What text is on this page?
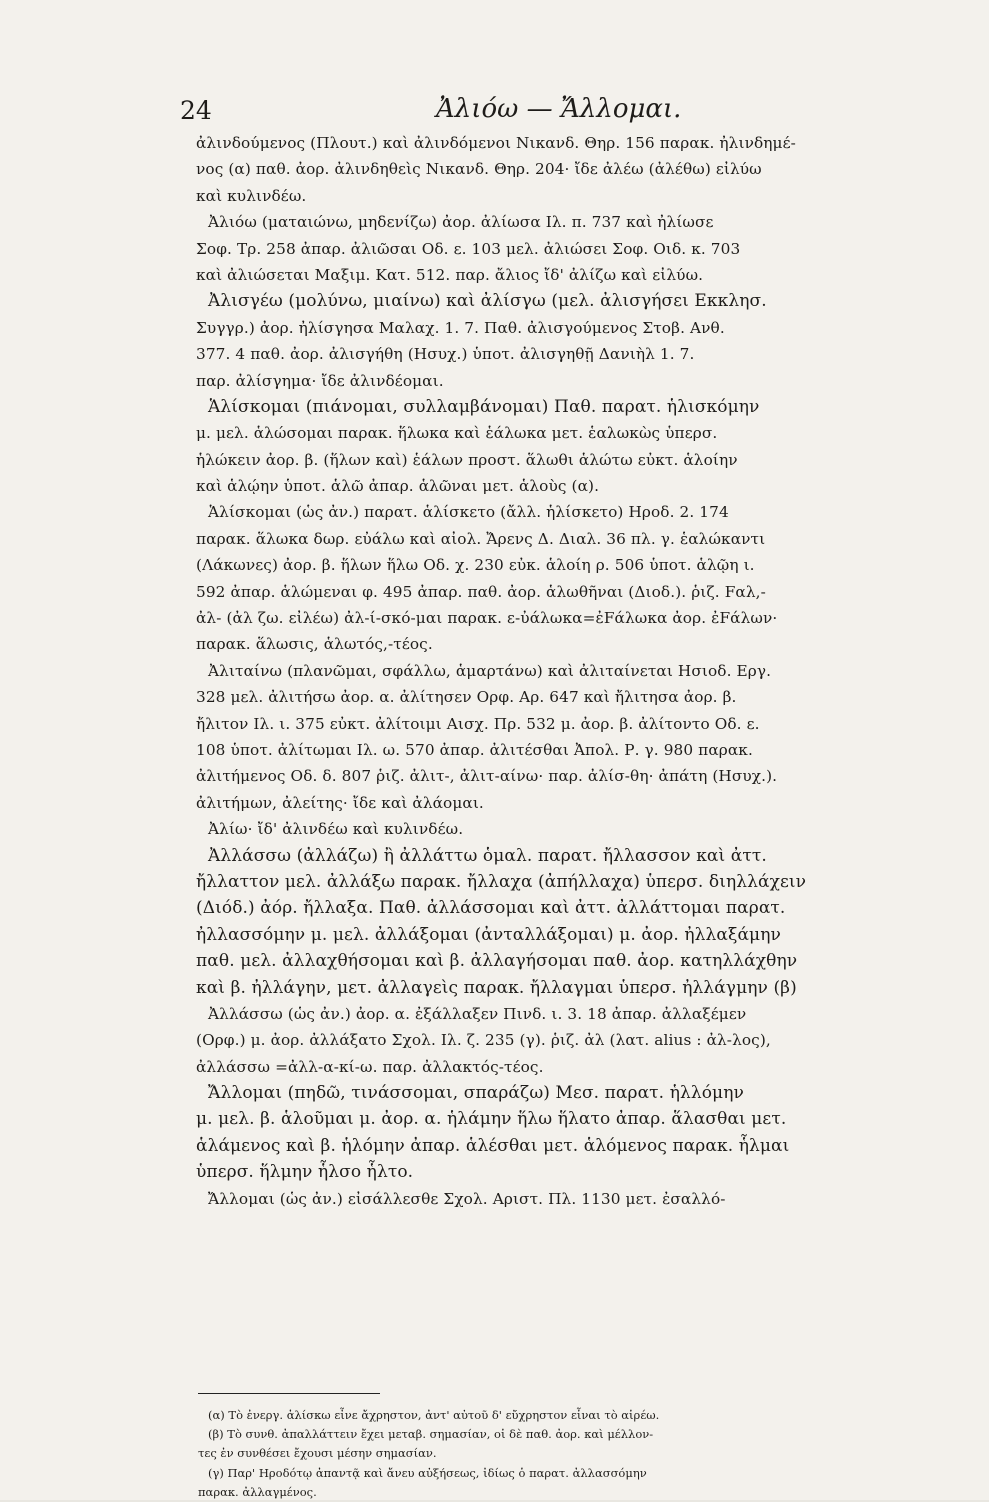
24	Ἀλιόω — Ἄλλομαι.
ἀλινδούμενος (Πλουτ.) καὶ ἀλινδόμενοι Νικανδ. Θηρ. 156 παρακ. ἠλινδημέ-
νος (α) παθ. ἀορ. ἀλινδηθεὶς Νικανδ. Θηρ. 204· ἴδε ἀλέω (ἀλέθω) εἰλύω
καὶ κυλινδέω.
Ἀλιόω (ματαιώνω, μηδενίζω) ἀορ. ἀλίωσα Ιλ. π. 737 καὶ ἠλίωσε
Σοφ. Τρ. 258 ἀπαρ. ἀλιῶσαι Οδ. ε. 103 μελ. ἀλιώσει Σοφ. Οιδ. κ. 703
καὶ ἀλιώσεται Μαξιμ. Κατ. 512. παρ. ἄλιος ἴδ' ἀλίζω καὶ εἰλύω.
Ἀλισγέω (μολύνω, μιαίνω) καὶ ἀλίσγω (μελ. ἀλισγήσει Εκκλησ.
Συγγρ.) ἀορ. ἠλίσγησα Μαλαχ. 1. 7. Παθ. ἀλισγούμενος Στοβ. Ανθ.
377. 4 παθ. ἀορ. ἀλισγήθη (Ησυχ.) ὑποτ. ἀλισγηθῇ Δανιὴλ 1. 7.
παρ. ἀλίσγημα· ἴδε ἀλινδέομαι.
Ἁλίσκομαι (πιάνομαι, συλλαμβάνομαι) Παθ. παρατ. ἡλισκόμην
μ. μελ. ἁλώσομαι παρακ. ἥλωκα καὶ ἑάλωκα μετ. ἑαλωκὼς ὑπερσ.
ἡλώκειν ἀορ. β. (ἥλων καὶ) ἑάλων προστ. ἅλωθι ἁλώτω εὐκτ. ἁλοίην
καὶ ἁλῴην ὑποτ. ἁλῶ ἀπαρ. ἁλῶναι μετ. ἁλοὺς (α).
Ἁλίσκομαι (ὡς ἀν.) παρατ. ἁλίσκετο (ἄλλ. ἡλίσκετο) Ηροδ. 2. 174
παρακ. ἅλωκα δωρ. εὐάλω καὶ αἰολ. Ἄρενς Δ. Διαλ. 36 πλ. γ. ἑαλώκαντι
(Λάκωνες) ἀορ. β. ἥλων ἥλω Οδ. χ. 230 εὐκ. ἁλοίη ρ. 506 ὑποτ. ἁλῷη ι.
592 ἀπαρ. ἁλώμεναι φ. 495 ἀπαρ. παθ. ἀορ. ἁλωθῆναι (Διοδ.). ῥιζ. Fαλ,-
ἀλ- (ἀλ ζω. εἰλέω) ἀλ-ί-σκό-μαι παρακ. ε-ὐάλωκα=ἐFάλωκα ἀορ. ἐFάλων·
παρακ. ἅλωσις, ἁλωτός,-τέος.
Ἀλιταίνω (πλανῶμαι, σφάλλω, ἁμαρτάνω) καὶ ἀλιταίνεται Ησιοδ. Εργ.
328 μελ. ἀλιτήσω ἀορ. α. ἀλίτησεν Ορφ. Αρ. 647 καὶ ἤλιτησα ἀορ. β.
ἤλιτον Ιλ. ι. 375 εὐκτ. ἀλίτοιμι Αισχ. Πρ. 532 μ. ἀορ. β. ἀλίτοντο Οδ. ε.
108 ὑποτ. ἀλίτωμαι Ιλ. ω. 570 ἀπαρ. ἀλιτέσθαι Ἀπολ. Ρ. γ. 980 παρακ.
ἀλιτήμενος Οδ. δ. 807 ῥιζ. ἀλιτ-, ἀλιτ-αίνω· παρ. ἀλίσ-θη· ἀπάτη (Ησυχ.).
ἀλιτήμων, ἀλείτης· ἴδε καὶ ἀλάομαι.
Ἀλίω· ἴδ' ἀλινδέω καὶ κυλινδέω.
Ἀλλάσσω (ἀλλάζω) ἢ ἀλλάττω ὁμαλ. παρατ. ἤλλασσον καὶ ἀττ.
ἤλλαττον μελ. ἀλλάξω παρακ. ἤλλαχα (ἀπήλλαχα) ὑπερσ. διηλλάχειν
(Διόδ.) ἀόρ. ἤλλαξα. Παθ. ἀλλάσσομαι καὶ ἀττ. ἀλλάττομαι παρατ.
ἠλλασσόμην μ. μελ. ἀλλάξομαι (ἀνταλλάξομαι) μ. ἀορ. ἠλλαξάμην
παθ. μελ. ἀλλαχθήσομαι καὶ β. ἀλλαγήσομαι παθ. ἀορ. κατηλλάχθην
καὶ β. ἠλλάγην, μετ. ἀλλαγεὶς παρακ. ἤλλαγμαι ὑπερσ. ἠλλάγμην (β)
Ἀλλάσσω (ὡς ἀν.) ἀορ. α. ἐξάλλαξεν Πινδ. ι. 3. 18 ἀπαρ. ἀλλαξέμεν
(Ορφ.) μ. ἀορ. ἀλλάξατο Σχολ. Ιλ. ζ. 235 (γ). ῥιζ. ἀλ (λατ. alius : ἀλ-λος),
ἀλλάσσω =ἀλλ-α-κί-ω. παρ. ἀλλακτός-τέος.
Ἄλλομαι (πηδῶ, τινάσσομαι, σπαράζω) Μεσ. παρατ. ἡλλόμην
μ. μελ. β. ἁλοῦμαι μ. ἀορ. α. ἡλάμην ἥλω ἥλατο ἀπαρ. ἅλασθαι μετ.
ἁλάμενος καὶ β. ἡλόμην ἀπαρ. ἁλέσθαι μετ. ἁλόμενος παρακ. ἧλμαι
ὑπερσ. ἥλμην ἧλσο ἧλτο.
Ἄλλομαι (ὡς ἀν.) εἰσάλλεσθε Σχολ. Αριστ. Πλ. 1130 μετ. ἐσαλλό-
(α) Τὸ ἐνεργ. ἁλίσκω εἶνε ἄχρηστον, ἀντ' αὐτοῦ δ' εὔχρηστον εἶναι τὸ αἱρέω.
(β) Τὸ συνθ. ἀπαλλάττειν ἔχει μεταβ. σημασίαν, οἱ δὲ παθ. ἀορ. καὶ μέλλον-
τες ἐν συνθέσει ἔχουσι μέσην σημασίαν.
(γ) Παρ' Ηροδότῳ ἀπαντᾷ καὶ ἄνευ αὐξήσεως, ἰδίως ὁ παρατ. ἀλλασσόμην
παρακ. ἀλλαγμένος.
